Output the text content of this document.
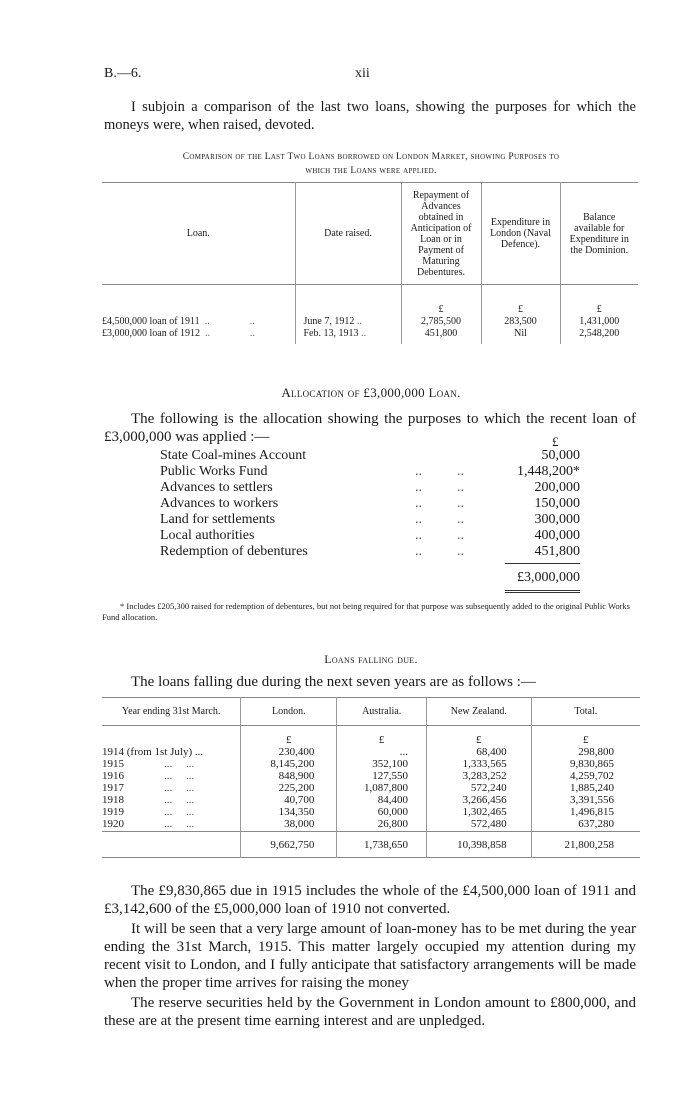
B.—6.	xii
I subjoin a comparison of the last two loans, showing the purposes for which the moneys were, when raised, devoted.
Comparison of the Last Two Loans borrowed on London Market, showing Purposes to
which the Loans were applied.
Loan.	Date raised.	Repayment of Advances obtained in Anticipation of Loan or in Payment of Maturing Debentures.	Expenditure in London (Naval Defence).	Balance available for Expenditure in the Dominion.
		£	£	£
£4,500,000 loan of 1911  ..                ..	June 7, 1912 ..	2,785,500	283,500	1,431,000
£3,000,000 loan of 1912  ..                ..	Feb. 13, 1913 ..	451,800	Nil	2,548,200
Allocation of £3,000,000 Loan.
The following is the allocation showing the purposes to which the recent loan of £3,000,000 was applied :—	£
State Coal-mines Account	50,000
Public Works Fund	..          ..	1,448,200*
Advances to settlers	..          ..	200,000
Advances to workers	..          ..	150,000
Land for settlements	..          ..	300,000
Local authorities	..          ..	400,000
Redemption of debentures	..          ..	451,800
£3,000,000
* Includes £205,300 raised for redemption of debentures, but not being required for that purpose was subsequently added to the original Public Works Fund allocation.
Loans falling due.
The loans falling due during the next seven years are as follows :—
Year ending 31st March.	London.	Australia.	New Zealand.	Total.
	£	£	£	£
1914 (from 1st July) ...	230,400	...	68,400	298,800
1915 ...     ...	8,145,200	352,100	1,333,565	9,830,865
1916 ...     ...	848,900	127,550	3,283,252	4,259,702
1917 ...     ...	225,200	1,087,800	572,240	1,885,240
1918 ...     ...	40,700	84,400	3,266,456	3,391,556
1919 ...     ...	134,350	60,000	1,302,465	1,496,815
1920 ...     ...	38,000	26,800	572,480	637,280
	9,662,750	1,738,650	10,398,858	21,800,258
The £9,830,865 due in 1915 includes the whole of the £4,500,000 loan of 1911 and £3,142,600 of the £5,000,000 loan of 1910 not converted.
It will be seen that a very large amount of loan-money has to be met during the year ending the 31st March, 1915. This matter largely occupied my attention during my recent visit to London, and I fully anticipate that satisfactory arrangements will be made when the proper time arrives for raising the money
The reserve securities held by the Government in London amount to £800,000, and these are at the present time earning interest and are unpledged.
